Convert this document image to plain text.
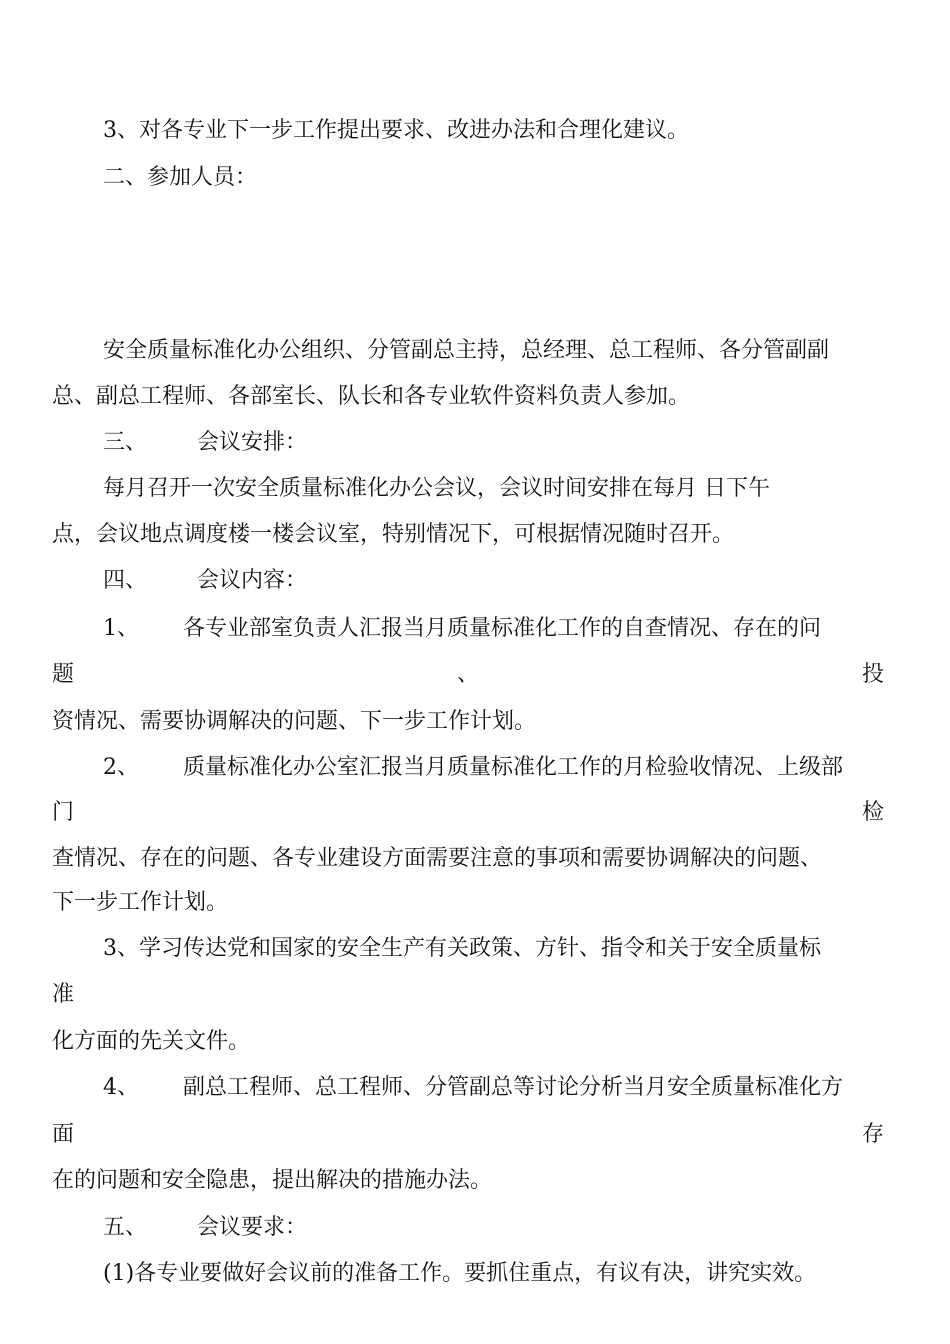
3、对各专业下一步工作提出要求、改进办法和合理化建议。
二、参加人员：
安全质量标准化办公组织、分管副总主持，总经理、总工程师、各分管副副
总、副总工程师、各部室长、队长和各专业软件资料负责人参加。
三、 会议安排：
每月召开一次安全质量标准化办公会议，会议时间安排在每月 日下午
点，会议地点调度楼一楼会议室，特别情况下，可根据情况随时召开。
四、 会议内容：
1、 各专业部室负责人汇报当月质量标准化工作的自查情况、存在的问
题	、	投
资情况、需要协调解决的问题、下一步工作计划。
2、 质量标准化办公室汇报当月质量标准化工作的月检验收情况、上级部
门	检
查情况、存在的问题、各专业建设方面需要注意的事项和需要协调解决的问题、
下一步工作计划。
3、学习传达党和国家的安全生产有关政策、方针、指令和关于安全质量标
准
化方面的先关文件。
4、 副总工程师、总工程师、分管副总等讨论分析当月安全质量标准化方
面	存
在的问题和安全隐患，提出解决的措施办法。
五、 会议要求：
(1)各专业要做好会议前的准备工作。要抓住重点，有议有决，讲究实效。
